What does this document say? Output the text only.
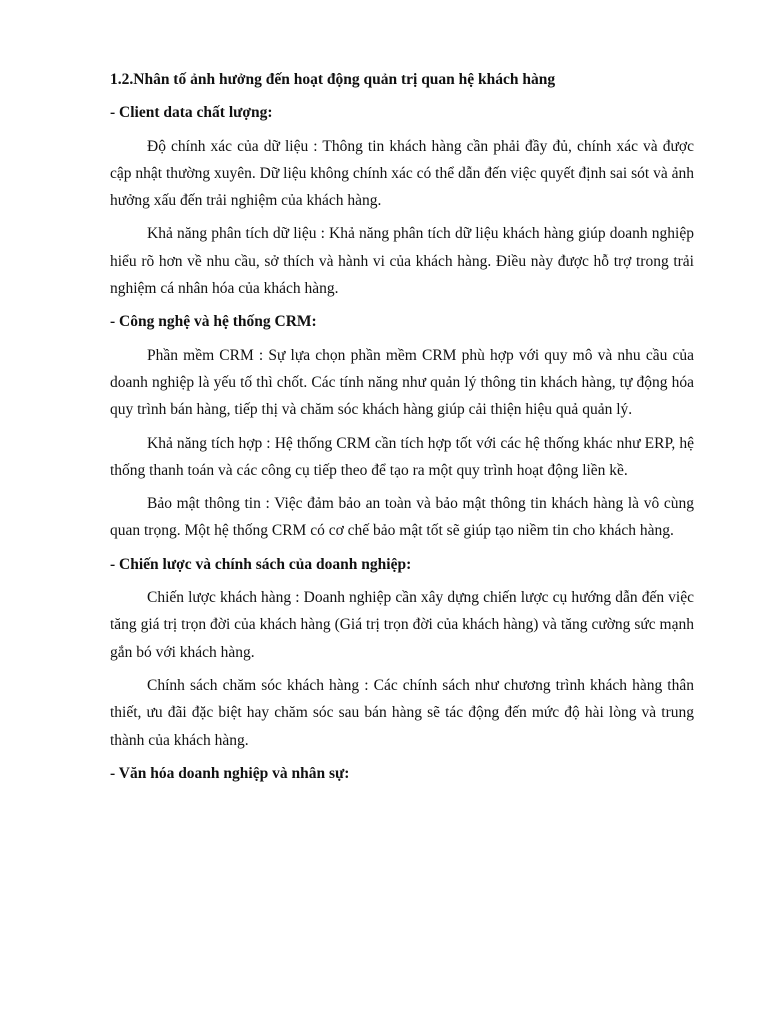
1.2.Nhân tố ảnh hưởng đến hoạt động quản trị quan hệ khách hàng

- Client data chất lượng:

Độ chính xác của dữ liệu : Thông tin khách hàng cần phải đầy đủ, chính xác và được cập nhật thường xuyên. Dữ liệu không chính xác có thể dẫn đến việc quyết định sai sót và ảnh hưởng xấu đến trải nghiệm của khách hàng.

Khả năng phân tích dữ liệu : Khả năng phân tích dữ liệu khách hàng giúp doanh nghiệp hiểu rõ hơn về nhu cầu, sở thích và hành vi của khách hàng. Điều này được hỗ trợ trong trải nghiệm cá nhân hóa của khách hàng.

- Công nghệ và hệ thống CRM:

Phần mềm CRM : Sự lựa chọn phần mềm CRM phù hợp với quy mô và nhu cầu của doanh nghiệp là yếu tố thì chốt. Các tính năng như quản lý thông tin khách hàng, tự động hóa quy trình bán hàng, tiếp thị và chăm sóc khách hàng giúp cải thiện hiệu quả quản lý.

Khả năng tích hợp : Hệ thống CRM cần tích hợp tốt với các hệ thống khác như ERP, hệ thống thanh toán và các công cụ tiếp theo để tạo ra một quy trình hoạt động liền kề.

Bảo mật thông tin : Việc đảm bảo an toàn và bảo mật thông tin khách hàng là vô cùng quan trọng. Một hệ thống CRM có cơ chế bảo mật tốt sẽ giúp tạo niềm tin cho khách hàng.

- Chiến lược và chính sách của doanh nghiệp:

Chiến lược khách hàng : Doanh nghiệp cần xây dựng chiến lược cụ hướng dẫn đến việc tăng giá trị trọn đời của khách hàng (Giá trị trọn đời của khách hàng) và tăng cường sức mạnh gắn bó với khách hàng.

Chính sách chăm sóc khách hàng : Các chính sách như chương trình khách hàng thân thiết, ưu đãi đặc biệt hay chăm sóc sau bán hàng sẽ tác động đến mức độ hài lòng và trung thành của khách hàng.

- Văn hóa doanh nghiệp và nhân sự:
